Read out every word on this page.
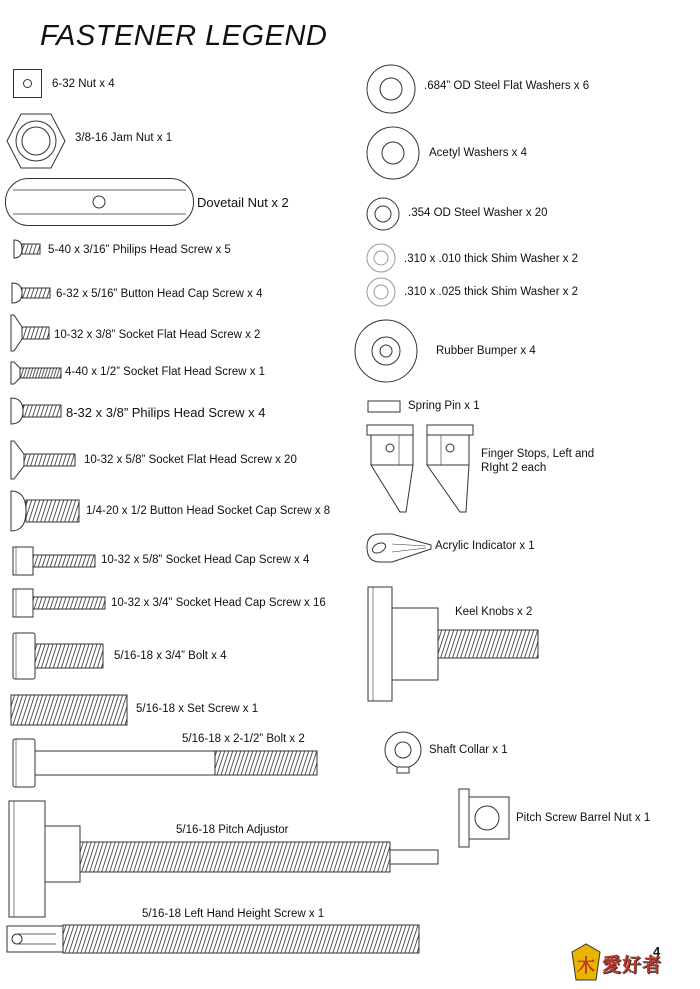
FASTENER LEGEND
6-32 Nut x 4
3/8-16 Jam Nut x 1
Dovetail Nut x 2
5-40 x 3/16” Philips Head Screw x 5
6-32 x 5/16” Button Head Cap Screw x 4
10-32 x 3/8” Socket Flat Head Screw x 2
4-40 x 1/2” Socket Flat Head Screw x 1
8-32 x 3/8” Philips Head Screw x 4
10-32 x 5/8” Socket Flat Head Screw x 20
1/4-20 x 1/2 Button Head Socket Cap Screw x 8
10-32 x 5/8” Socket Head Cap Screw x 4
10-32 x 3/4” Socket Head Cap Screw x 16
5/16-18 x 3/4” Bolt x 4
5/16-18 x Set Screw x 1
5/16-18 x 2-1/2” Bolt x 2
5/16-18 Pitch Adjustor
5/16-18 Left Hand Height Screw x 1
.684” OD Steel Flat Washers x 6
Acetyl Washers x 4
.354 OD Steel Washer x 20
.310 x .010 thick Shim Washer x 2
.310 x .025 thick Shim Washer x 2
Rubber Bumper x 4
Spring Pin x 1
Finger Stops, Left and RIght 2 each
Acrylic Indicator x 1
Keel Knobs x 2
Shaft Collar x 1
Pitch Screw Barrel Nut x 1
4
木 愛好者
